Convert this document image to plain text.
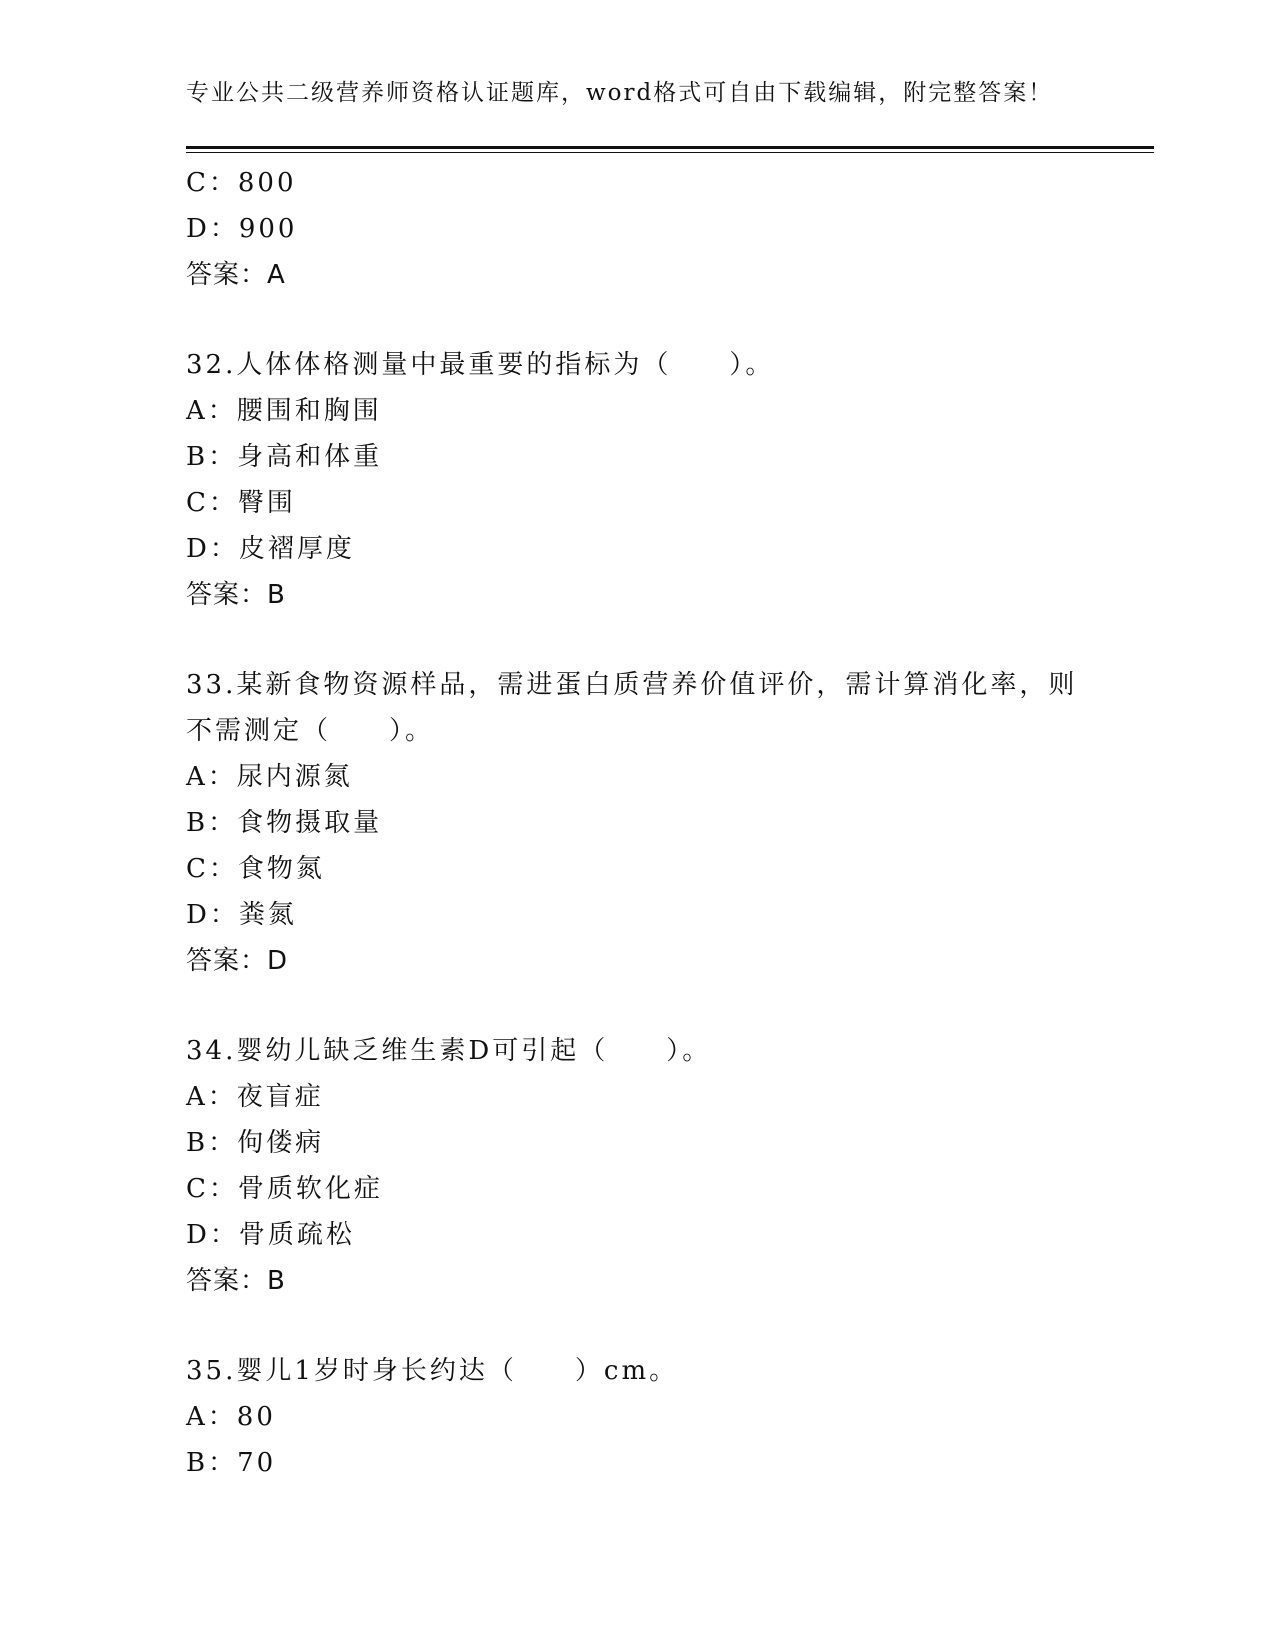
专业公共二级营养师资格认证题库，word格式可自由下载编辑，附完整答案！
C：800
D：900
答案：A
32.人体体格测量中最重要的指标为（　　）。
A：腰围和胸围
B：身高和体重
C：臀围
D：皮褶厚度
答案：B
33.某新食物资源样品，需进蛋白质营养价值评价，需计算消化率，则
不需测定（　　）。
A：尿内源氮
B：食物摄取量
C：食物氮
D：粪氮
答案：D
34.婴幼儿缺乏维生素D可引起（　　）。
A：夜盲症
B：佝偻病
C：骨质软化症
D：骨质疏松
答案：B
35.婴儿1岁时身长约达（　　）cm。
A：80
B：70
